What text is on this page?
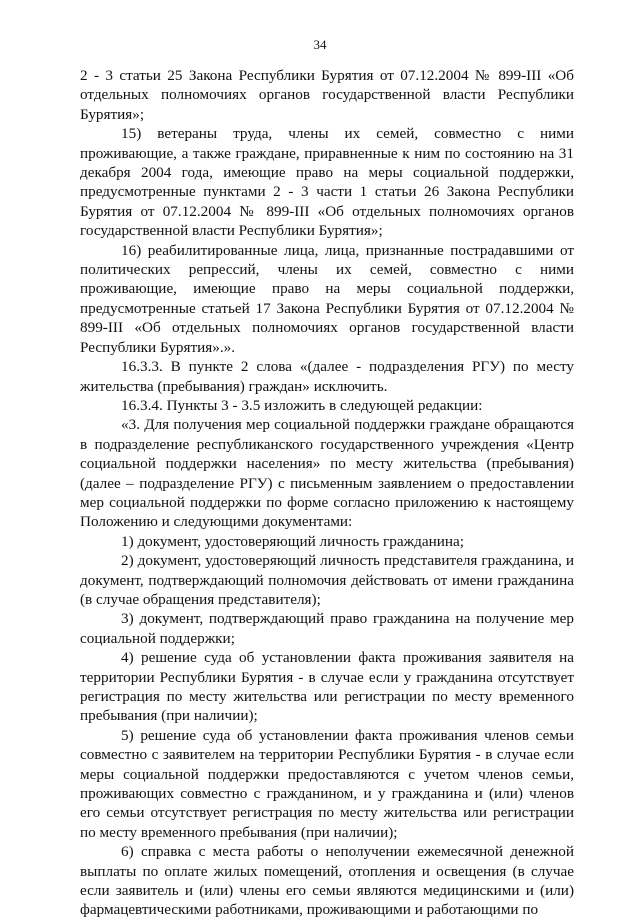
34

2 - 3 статьи 25 Закона Республики Бурятия от 07.12.2004 № 899-III «Об отдельных полномочиях органов государственной власти Республики Бурятия»;

15) ветераны труда, члены их семей, совместно с ними проживающие, а также граждане, приравненные к ним по состоянию на 31 декабря 2004 года, имеющие право на меры социальной поддержки, предусмотренные пунктами 2 - 3 части 1 статьи 26 Закона Республики Бурятия от 07.12.2004 № 899-III «Об отдельных полномочиях органов государственной власти Республики Бурятия»;

16) реабилитированные лица, лица, признанные пострадавшими от политических репрессий, члены их семей, совместно с ними проживающие, имеющие право на меры социальной поддержки, предусмотренные статьей 17 Закона Республики Бурятия от 07.12.2004 № 899-III «Об отдельных полномочиях органов государственной власти Республики Бурятия».».

16.3.3. В пункте 2 слова «(далее - подразделения РГУ) по месту жительства (пребывания) граждан» исключить.

16.3.4. Пункты 3 - 3.5 изложить в следующей редакции:

«3. Для получения мер социальной поддержки граждане обращаются в подразделение республиканского государственного учреждения «Центр социальной поддержки населения» по месту жительства (пребывания) (далее – подразделение РГУ) с письменным заявлением о предоставлении мер социальной поддержки по форме согласно приложению к настоящему Положению и следующими документами:

1) документ, удостоверяющий личность гражданина;

2) документ, удостоверяющий личность представителя гражданина, и документ, подтверждающий полномочия действовать от имени гражданина (в случае обращения представителя);

3) документ, подтверждающий право гражданина на получение мер социальной поддержки;

4) решение суда об установлении факта проживания заявителя на территории Республики Бурятия - в случае если у гражданина отсутствует регистрация по месту жительства или регистрации по месту временного пребывания (при наличии);

5) решение суда об установлении факта проживания членов семьи совместно с заявителем на территории Республики Бурятия - в случае если меры социальной поддержки предоставляются с учетом членов семьи, проживающих совместно с гражданином, и у гражданина и (или) членов его семьи отсутствует регистрация по месту жительства или регистрации по месту временного пребывания (при наличии);

6) справка с места работы о неполучении ежемесячной денежной выплаты по оплате жилых помещений, отопления и освещения (в случае если заявитель и (или) члены его семьи являются медицинскими и (или) фармацевтическими работниками, проживающими и работающими по
